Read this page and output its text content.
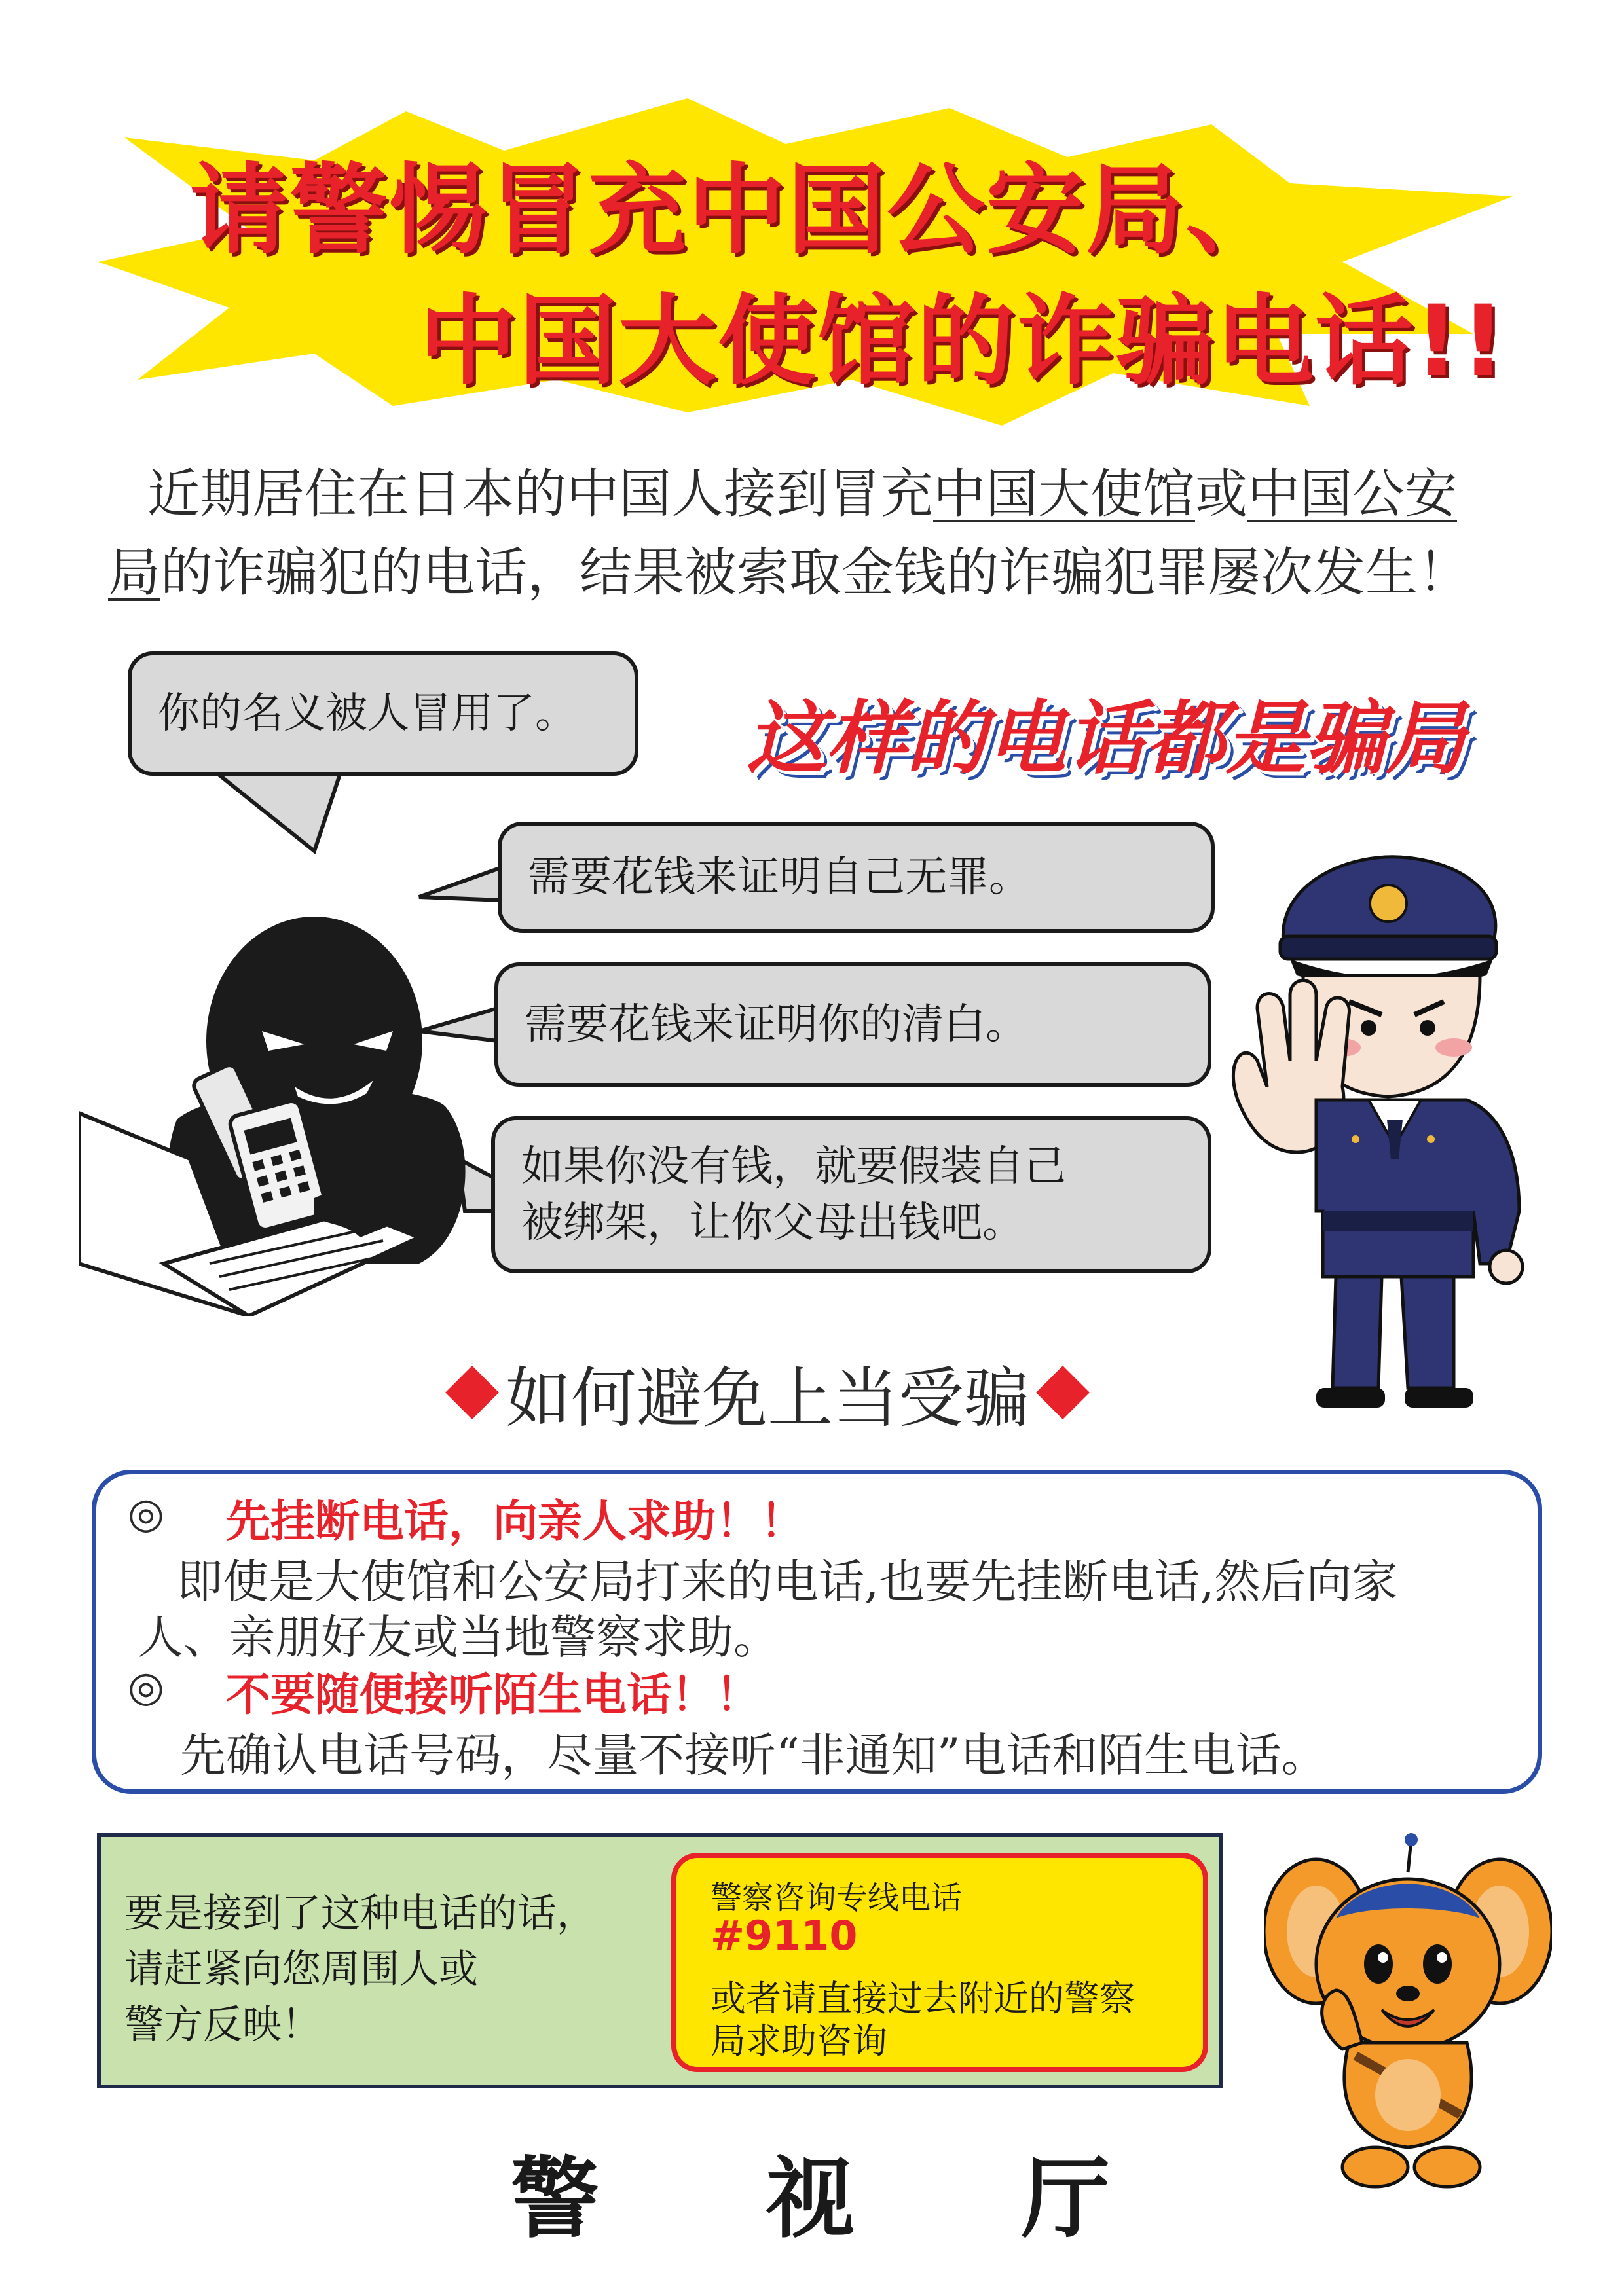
请警惕冒充中国公安局、
中国大使馆的诈骗电话!!
近期居住在日本的中国人接到冒充中国大使馆或中国公安
局的诈骗犯的电话，结果被索取金钱的诈骗犯罪屡次发生！
你的名义被人冒用了。
需要花钱来证明自己无罪。
需要花钱来证明你的清白。
如果你没有钱，就要假装自己
被绑架，让你父母出钱吧。
这样的电话都是骗局
如何避免上当受骗
◎ 先挂断电话，向亲人求助！！
即使是大使馆和公安局打来的电话,也要先挂断电话,然后向家
人、亲朋好友或当地警察求助。
◎ 不要随便接听陌生电话！！
先确认电话号码，尽量不接听“非通知”电话和陌生电话。
要是接到了这种电话的话，
请赶紧向您周围人或
警方反映！
警察咨询专线电话
#9110
或者请直接过去附近的警察
局求助咨询
警 视 厅
